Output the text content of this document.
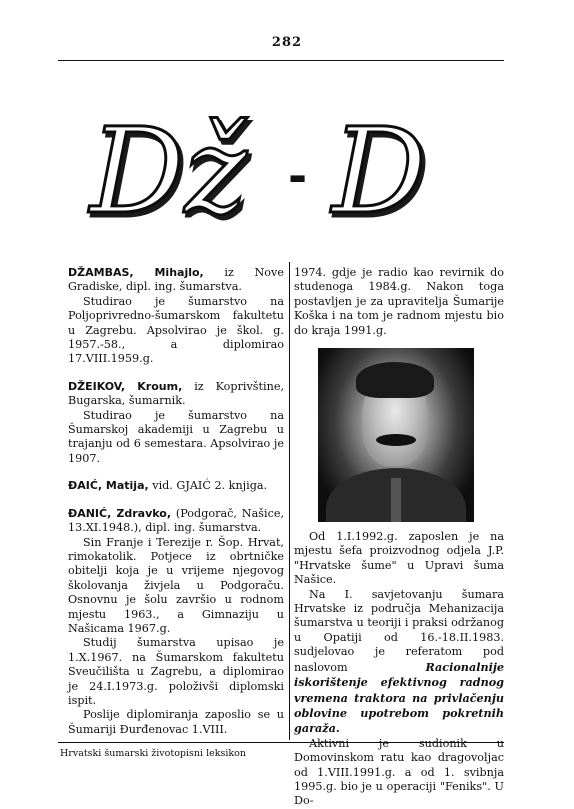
282
Dž - D

DŽAMBAS, Mihajlo, iz Nove Gradiske, dipl. ing. šumarstva.

Studirao je šumarstvo na Poljoprivredno-šumarskom fakultetu u Zagrebu. Apsolvirao je škol. g. 1957.-58., a diplomirao 17.VIII.1959.g.

DŽEIKOV, Kroum, iz Koprivštine, Bugarska, šumarnik.

Studirao je šumarstvo na Šumarskoj akademiji u Zagrebu u trajanju od 6 semestara. Apsolvirao je 1907.

ĐAIĆ, Matija, vid. GJAIĆ 2. knjiga.

ĐANIĆ, Zdravko, (Podgorač, Našice, 13.XI.1948.), dipl. ing. šumarstva.

Sin Franje i Terezije r. Šop. Hrvat, rimokatolik. Potjece iz obrtničke obitelji koja je u vrijeme njegovog školovanja živjela u Podgoraču. Osnovnu je šolu završio u rodnom mjestu 1963., a Gimnaziju u Našicama 1967.g.

Studij šumarstva upisao je 1.X.1967. na Šumarskom fakultetu Sveučilišta u Zagrebu, a diplomirao je 24.I.1973.g. položivši diplomski ispit.

Poslije diplomiranja zaposlio se u Šumariji Đurđenovac 1.VIII.

1974. gdje je radio kao revirnik do studenoga 1984.g. Nakon toga postavljen je za upravitelja Šumarije Koška i na tom je radnom mjestu bio do kraja 1991.g.

Od 1.I.1992.g. zaposlen je na mjestu šefa proizvodnog odjela J.P. "Hrvatske šume" u Upravi šuma Našice.

Na I. savjetovanju šumara Hrvatske iz područja Mehanizacija šumarstva u teoriji i praksi održanog u Opatiji od 16.-18.II.1983. sudjelovao je referatom pod naslovom Racionalnije iskorištenje efektivnog radnog vremena traktora na privlačenju oblovine upotrebom pokretnih garaža.

Aktivni je sudionik u Domovinskom ratu kao dragovoljac od 1.VIII.1991.g. a od 1. svibnja 1995.g. bio je u operaciji "Feniks". U Do-

Hrvatski šumarski životopisni leksikon
